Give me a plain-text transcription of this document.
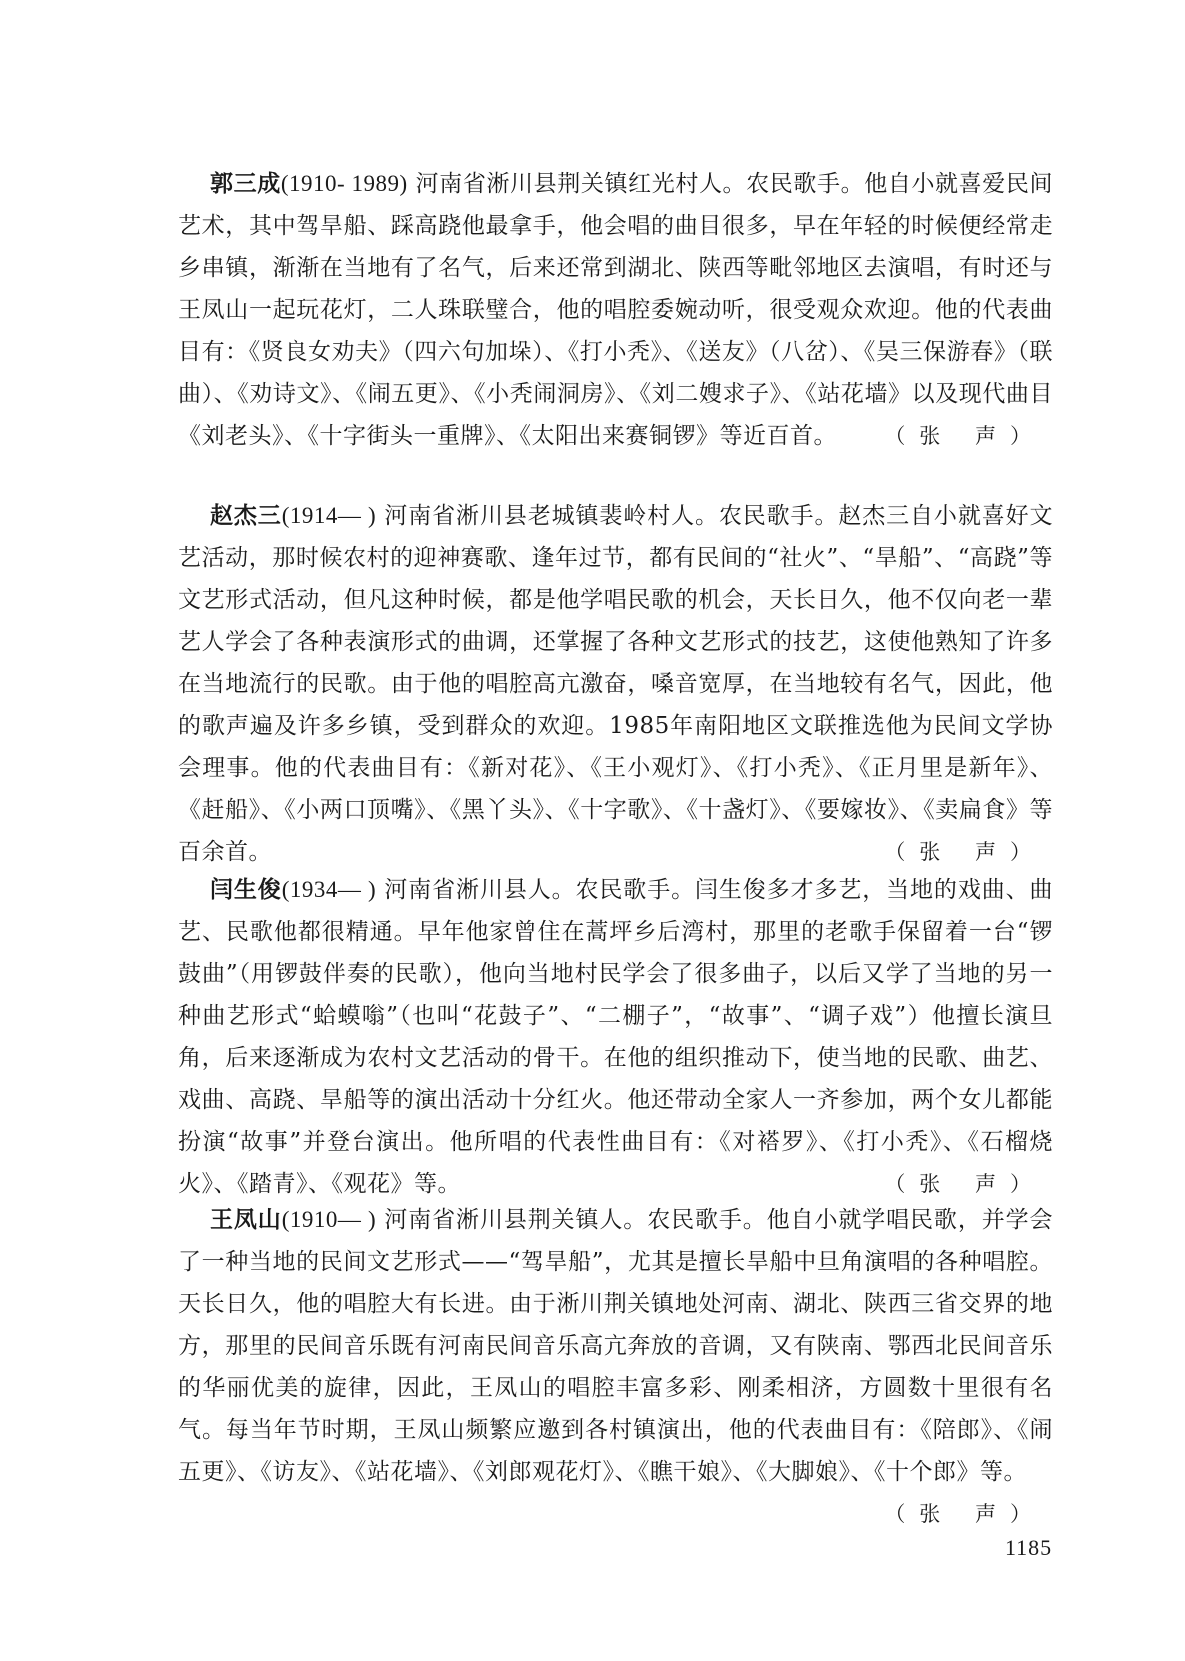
郭三成(1910- 1989) 河南省淅川县荆关镇红光村人。农民歌手。他自小就喜爱民间艺术，其中驾旱船、踩高跷他最拿手，他会唱的曲目很多，早在年轻的时候便经常走乡串镇，渐渐在当地有了名气，后来还常到湖北、陕西等毗邻地区去演唱，有时还与王凤山一起玩花灯，二人珠联璧合，他的唱腔委婉动听，很受观众欢迎。他的代表曲目有：《贤良女劝夫》（四六句加垛）、《打小秃》、《送友》（八岔）、《吴三保游春》（联曲）、《劝诗文》、《闹五更》、《小秃闹洞房》、《刘二嫂求子》、《站花墙》以及现代曲目《刘老头》、《十字街头一重牌》、《太阳出来赛铜锣》等近百首。	（张 声）

赵杰三(1914— ) 河南省淅川县老城镇裴岭村人。农民歌手。赵杰三自小就喜好文艺活动，那时候农村的迎神赛歌、逢年过节，都有民间的“社火”、“旱船”、“高跷”等文艺形式活动，但凡这种时候，都是他学唱民歌的机会，天长日久，他不仅向老一辈艺人学会了各种表演形式的曲调，还掌握了各种文艺形式的技艺，这使他熟知了许多在当地流行的民歌。由于他的唱腔高亢激奋，嗓音宽厚，在当地较有名气，因此，他的歌声遍及许多乡镇，受到群众的欢迎。1985年南阳地区文联推选他为民间文学协会理事。他的代表曲目有：《新对花》、《王小观灯》、《打小秃》、《正月里是新年》、《赶船》、《小两口顶嘴》、《黑丫头》、《十字歌》、《十盏灯》、《要嫁妆》、《卖扁食》等百余首。	（张 声）

闫生俊(1934— ) 河南省淅川县人。农民歌手。闫生俊多才多艺，当地的戏曲、曲艺、民歌他都很精通。早年他家曾住在蒿坪乡后湾村，那里的老歌手保留着一台“锣鼓曲”（用锣鼓伴奏的民歌），他向当地村民学会了很多曲子，以后又学了当地的另一种曲艺形式“蛤蟆嗡”（也叫“花鼓子”、“二棚子”，“故事”、“调子戏”）他擅长演旦角，后来逐渐成为农村文艺活动的骨干。在他的组织推动下，使当地的民歌、曲艺、戏曲、高跷、旱船等的演出活动十分红火。他还带动全家人一齐参加，两个女儿都能扮演“故事”并登台演出。他所唱的代表性曲目有：《对褡罗》、《打小秃》、《石榴烧火》、《踏青》、《观花》等。	（张 声）

王凤山(1910— ) 河南省淅川县荆关镇人。农民歌手。他自小就学唱民歌，并学会了一种当地的民间文艺形式——“驾旱船”，尤其是擅长旱船中旦角演唱的各种唱腔。天长日久，他的唱腔大有长进。由于淅川荆关镇地处河南、湖北、陕西三省交界的地方，那里的民间音乐既有河南民间音乐高亢奔放的音调，又有陕南、鄂西北民间音乐的华丽优美的旋律，因此，王凤山的唱腔丰富多彩、刚柔相济，方圆数十里很有名气。每当年节时期，王凤山频繁应邀到各村镇演出，他的代表曲目有：《陪郎》、《闹五更》、《访友》、《站花墙》、《刘郎观花灯》、《瞧干娘》、《大脚娘》、《十个郎》等。
（张 声）

1185
